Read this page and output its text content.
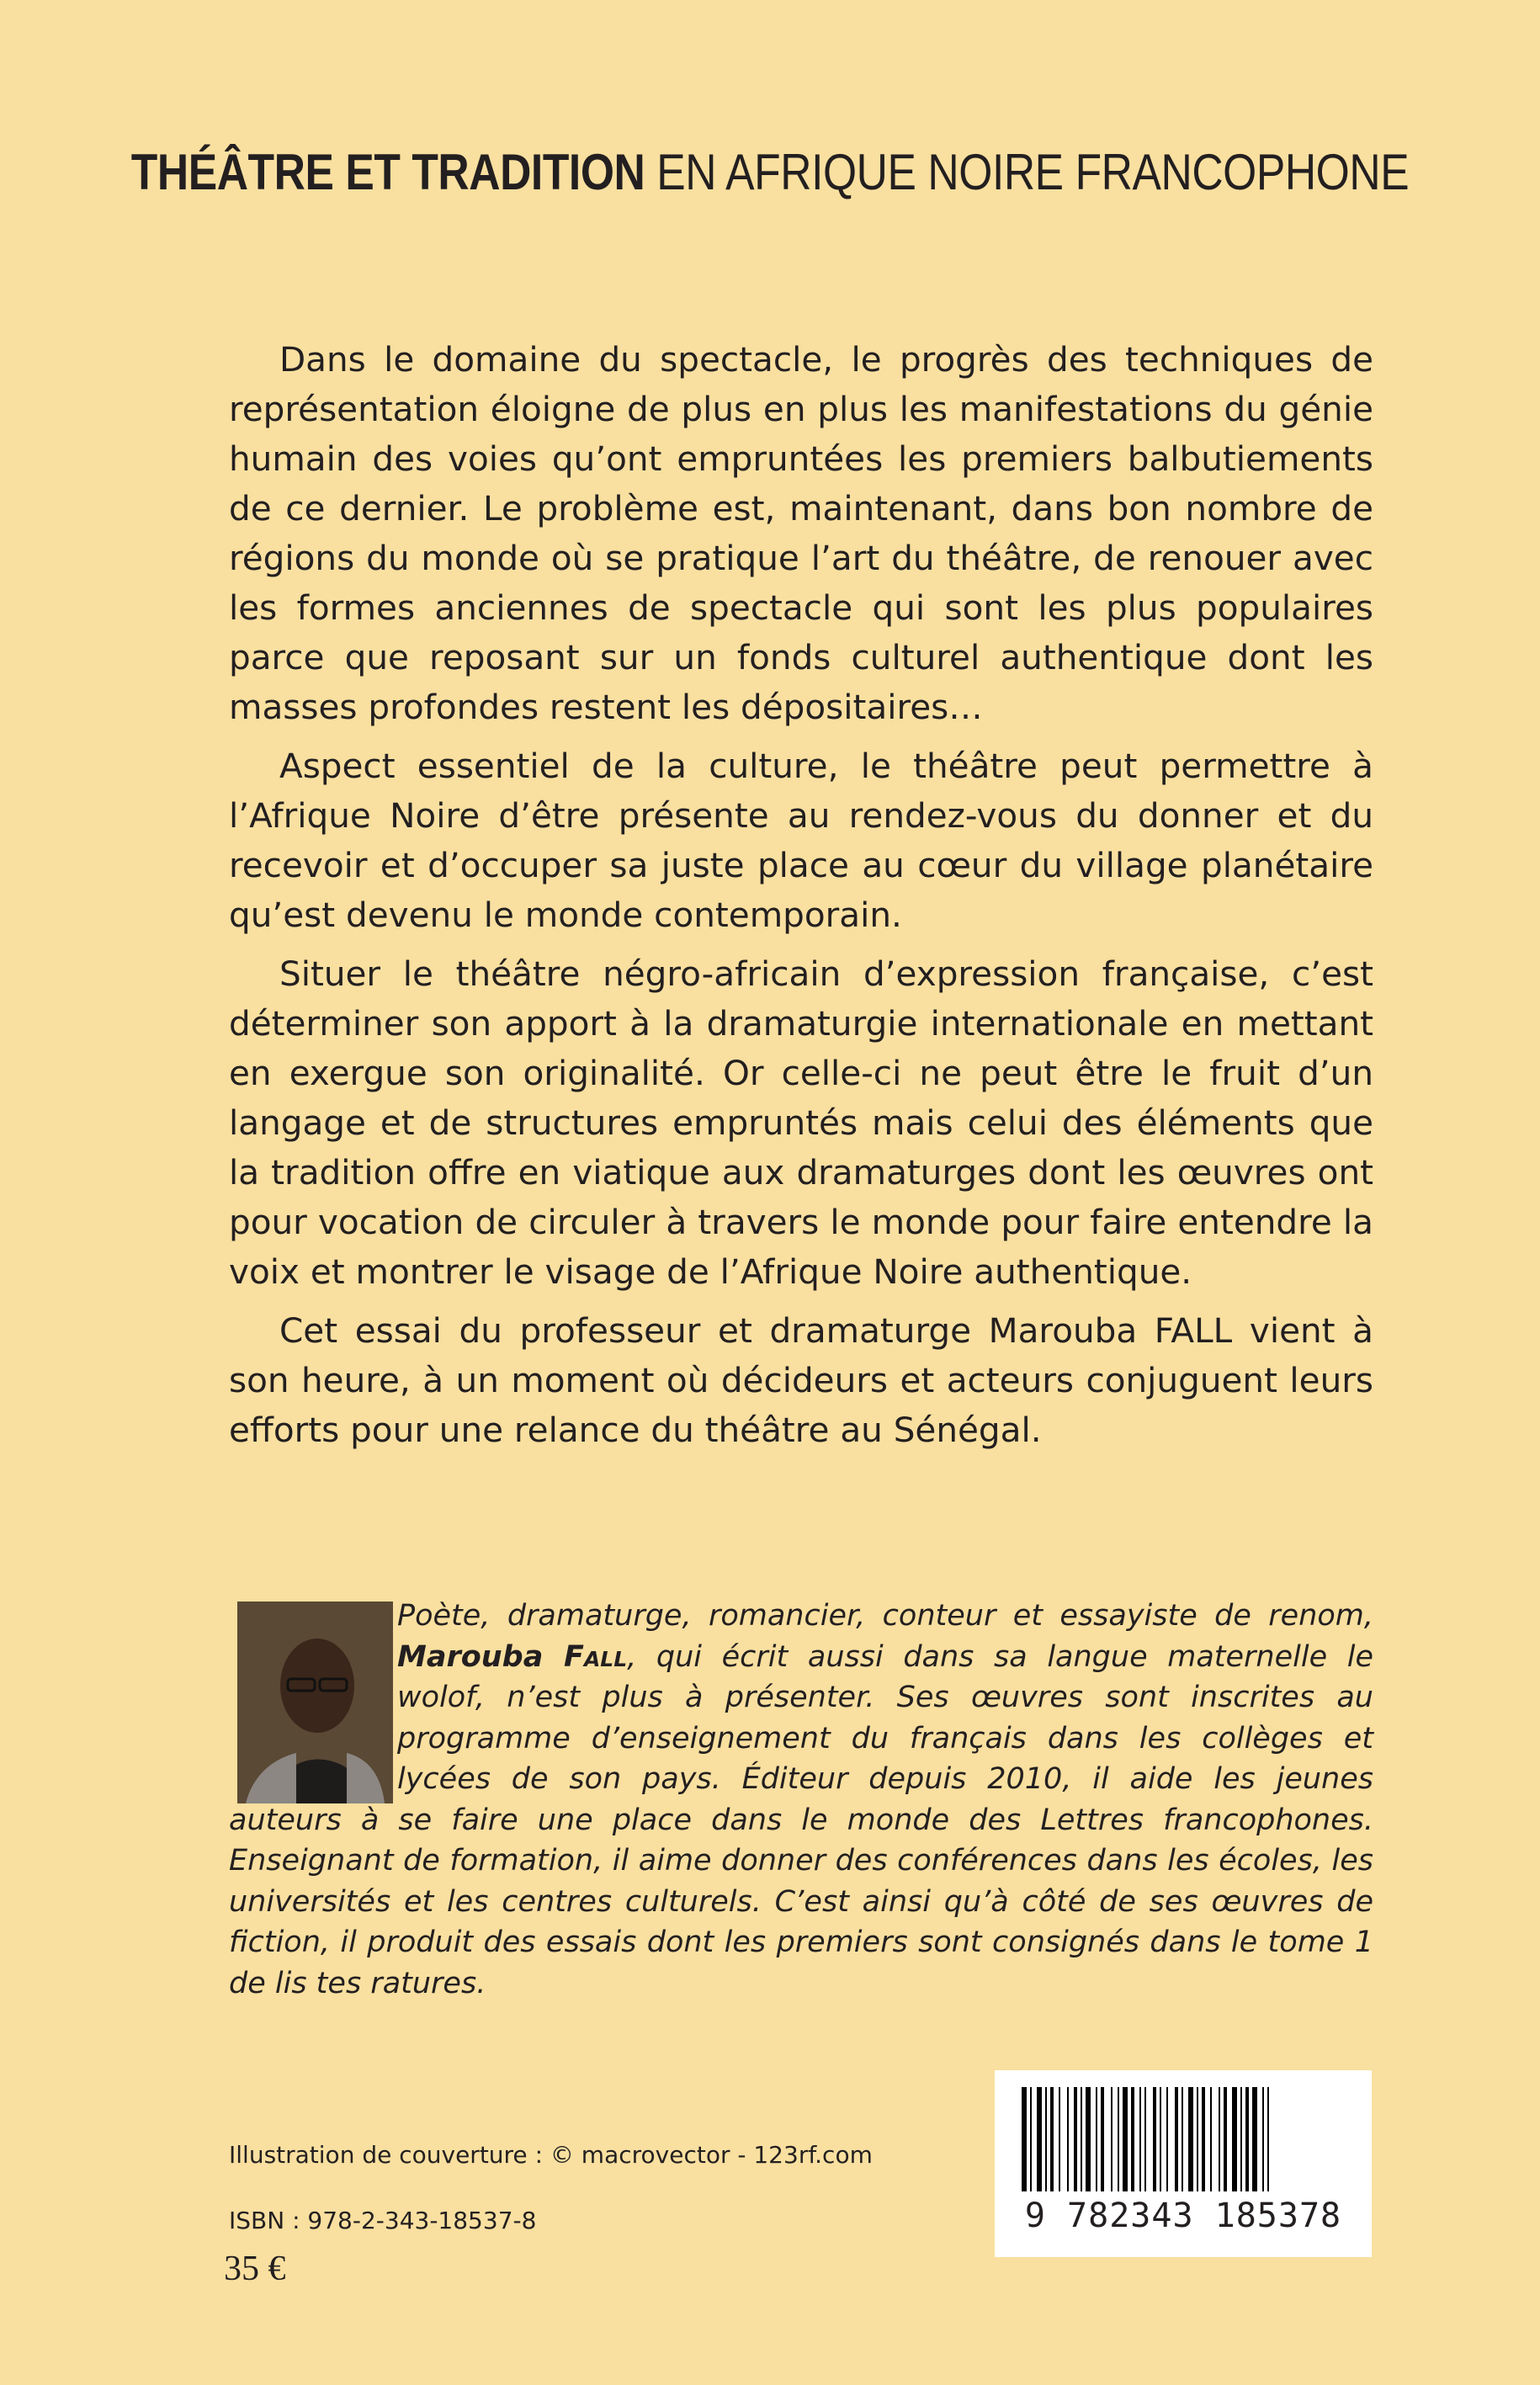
THÉÂTRE ET TRADITION EN AFRIQUE NOIRE FRANCOPHONE

Dans le domaine du spectacle, le progrès des techniques de représentation éloigne de plus en plus les manifestations du génie humain des voies qu’ont empruntées les premiers balbutiements de ce dernier. Le problème est, maintenant, dans bon nombre de régions du monde où se pratique l’art du théâtre, de renouer avec les formes anciennes de spectacle qui sont les plus populaires parce que reposant sur un fonds culturel authentique dont les masses profondes restent les dépositaires…

Aspect essentiel de la culture, le théâtre peut permettre à l’Afrique Noire d’être présente au rendez-vous du donner et du recevoir et d’occuper sa juste place au cœur du village planétaire qu’est devenu le monde contemporain.

Situer le théâtre négro-africain d’expression française, c’est déterminer son apport à la dramaturgie internationale en mettant en exergue son originalité. Or celle-ci ne peut être le fruit d’un langage et de structures empruntés mais celui des éléments que la tradition offre en viatique aux dramaturges dont les œuvres ont pour vocation de circuler à travers le monde pour faire entendre la voix et montrer le visage de l’Afrique Noire authentique.

Cet essai du professeur et dramaturge Marouba FALL vient à son heure, à un moment où décideurs et acteurs conjuguent leurs efforts pour une relance du théâtre au Sénégal.

Poète, dramaturge, romancier, conteur et essayiste de renom, Marouba Fall, qui écrit aussi dans sa langue maternelle le wolof, n’est plus à présenter. Ses œuvres sont inscrites au programme d’enseignement du français dans les collèges et lycées de son pays. Éditeur depuis 2010, il aide les jeunes auteurs à se faire une place dans le monde des Lettres francophones. Enseignant de formation, il aime donner des conférences dans les écoles, les universités et les centres culturels. C’est ainsi qu’à côté de ses œuvres de fiction, il produit des essais dont les premiers sont consignés dans le tome 1 de lis tes ratures.
Illustration de couverture : © macrovector - 123rf.com
ISBN : 978-2-343-18537-8
35 €
9 782343 185378
